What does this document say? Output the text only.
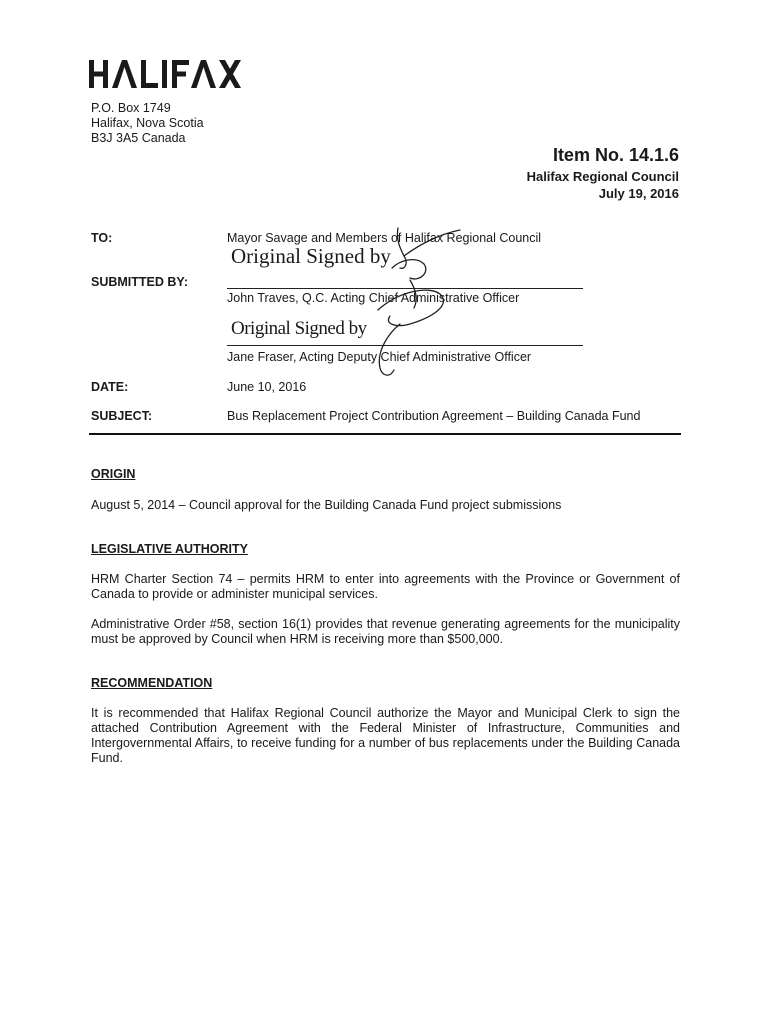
P.O. Box 1749
Halifax, Nova Scotia
B3J 3A5 Canada
Item No. 14.1.6
Halifax Regional Council
July 19, 2016
TO:	Mayor Savage and Members of Halifax Regional Council
Original Signed by
SUBMITTED BY:
John Traves, Q.C. Acting Chief Administrative Officer
Original Signed by
Jane Fraser, Acting Deputy Chief Administrative Officer
DATE:	June 10, 2016
SUBJECT:	Bus Replacement Project Contribution Agreement – Building Canada Fund
ORIGIN
August 5, 2014 – Council approval for the Building Canada Fund project submissions
LEGISLATIVE AUTHORITY
HRM Charter Section 74 – permits HRM to enter into agreements with the Province or Government of Canada to provide or administer municipal services.
Administrative Order #58, section 16(1) provides that revenue generating agreements for the municipality must be approved by Council when HRM is receiving more than $500,000.
RECOMMENDATION
It is recommended that Halifax Regional Council authorize the Mayor and Municipal Clerk to sign the attached Contribution Agreement with the Federal Minister of Infrastructure, Communities and Intergovernmental Affairs, to receive funding for a number of bus replacements under the Building Canada Fund.
